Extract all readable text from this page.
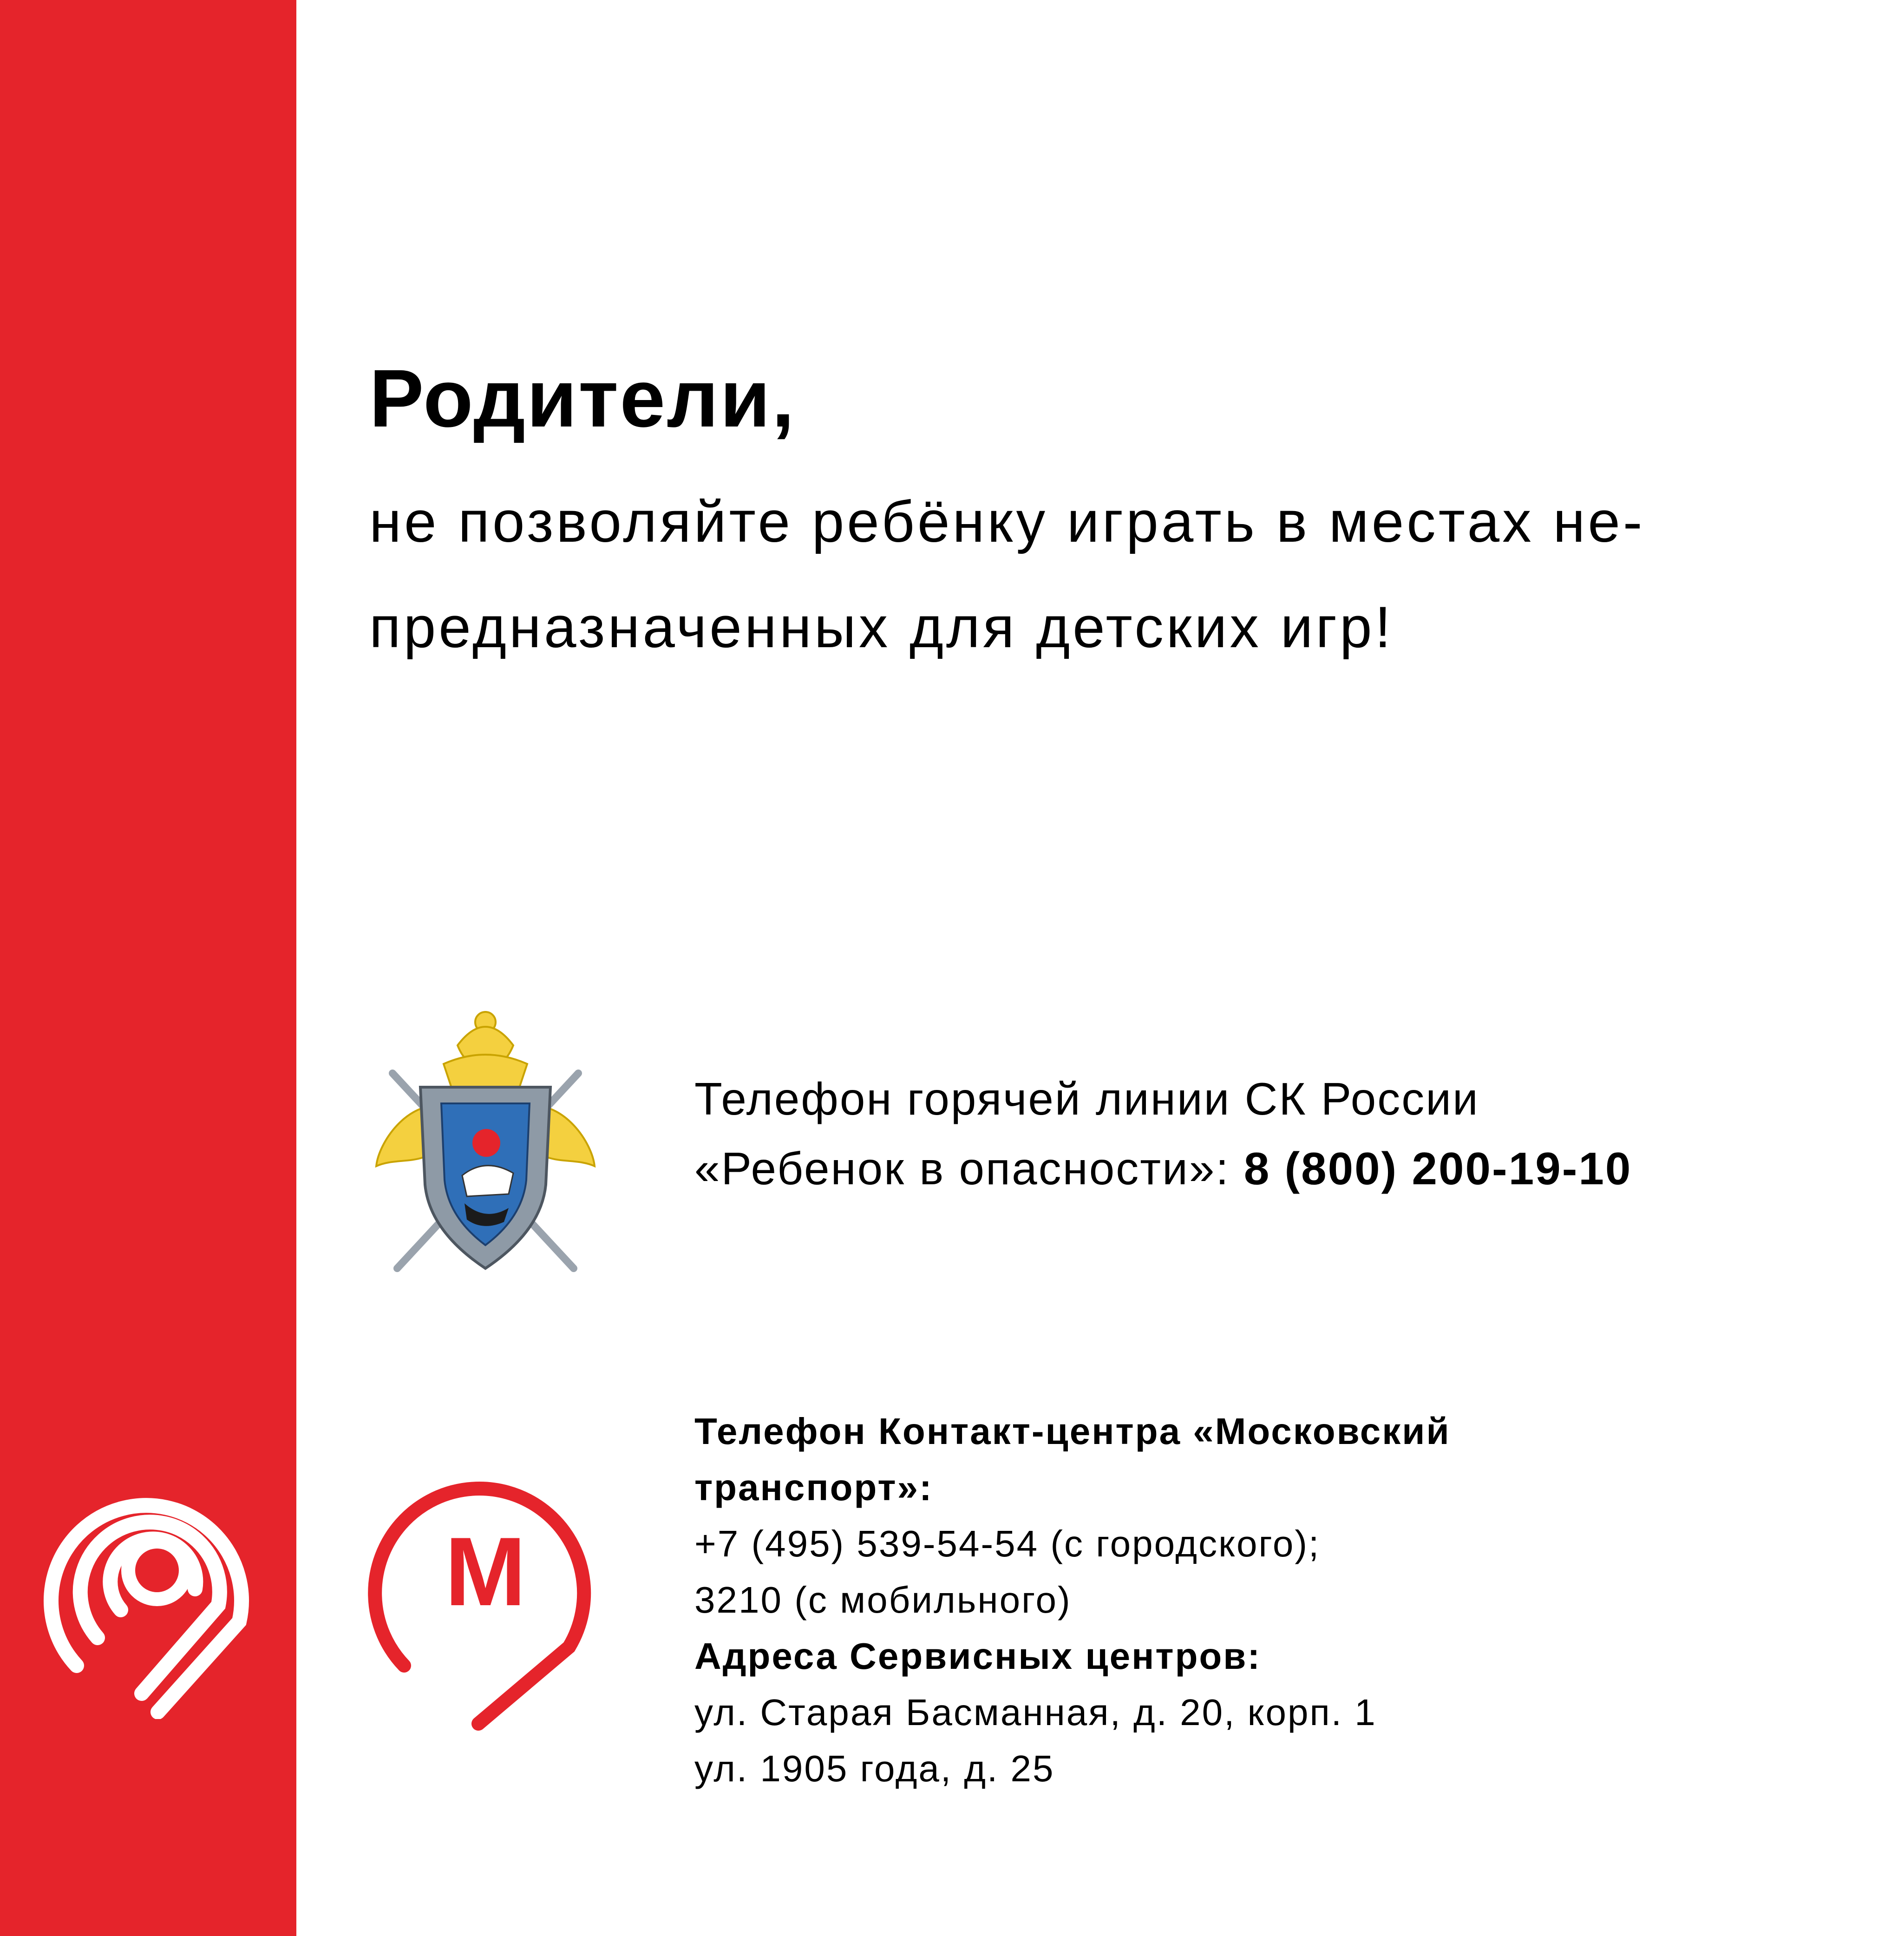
Родители,
не позволяйте ребёнку играть в местах не-
предназначенных для детских игр!
Телефон горячей линии СК России
«Ребенок в опасности»: 8 (800) 200-19-10
M
Телефон Контакт-центра «Московский
транспорт»:
+7 (495) 539-54-54 (с городского);
3210 (с мобильного)
Адреса Сервисных центров:
ул. Старая Басманная, д. 20, корп. 1
ул. 1905 года, д. 25
